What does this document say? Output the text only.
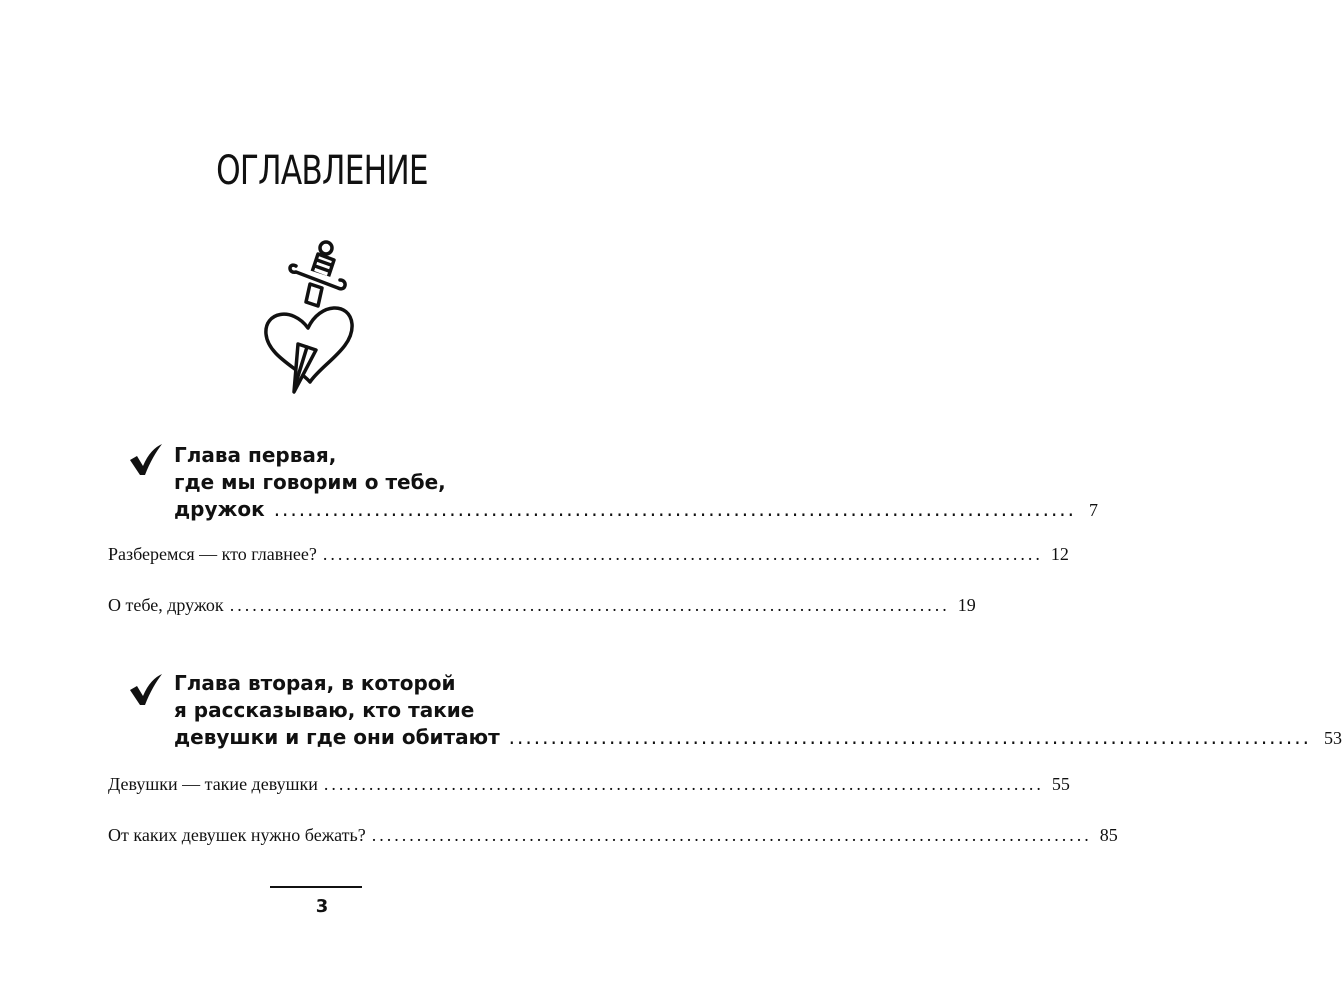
ОГЛАВЛЕНИЕ
Глава первая,
где мы говорим о тебе,
дружок ................................................................................................ 7
Разберемся — кто главнее? ................................................................................................ 12
О тебе, дружок ................................................................................................ 19
Глава вторая, в которой
я рассказываю, кто такие
девушки и где они обитают ................................................................................................ 53
Девушки — такие девушки ................................................................................................ 55
От каких девушек нужно бежать? ................................................................................................ 85
3
